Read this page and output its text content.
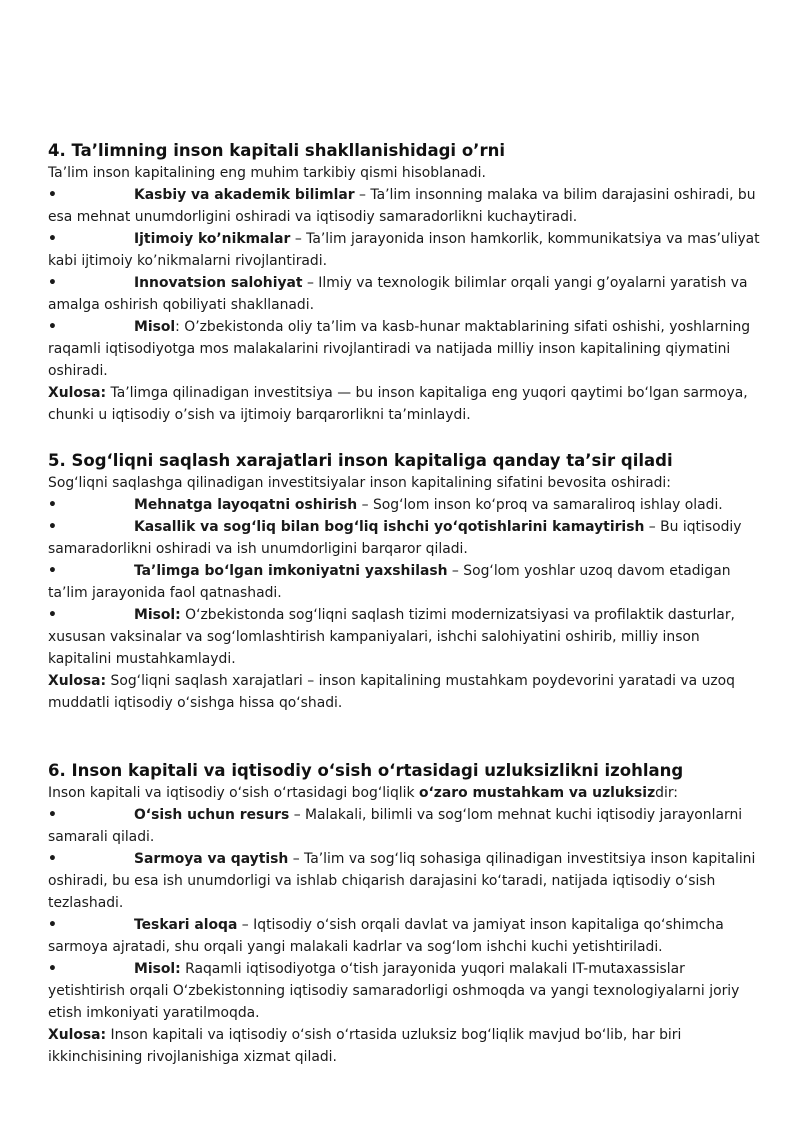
4. Ta’limning inson kapitali shakllanishidagi o’rni

Ta’lim inson kapitalining eng muhim tarkibiy qismi hisoblanadi.

•	Kasbiy va akademik bilimlar – Ta’lim insonning malaka va bilim darajasini oshiradi, bu esa mehnat unumdorligini oshiradi va iqtisodiy samaradorlikni kuchaytiradi.
•	Ijtimoiy ko’nikmalar – Ta’lim jarayonida inson hamkorlik, kommunikatsiya va mas’uliyat kabi ijtimoiy ko’nikmalarni rivojlantiradi.
•	Innovatsion salohiyat – Ilmiy va texnologik bilimlar orqali yangi g’oyalarni yaratish va amalga oshirish qobiliyati shakllanadi.
•	Misol: O’zbekistonda oliy ta’lim va kasb-hunar maktablarining sifati oshishi, yoshlarning raqamli iqtisodiyotga mos malakalarini rivojlantiradi va natijada milliy inson kapitalining qiymatini oshiradi.

Xulosa: Ta’limga qilinadigan investitsiya — bu inson kapitaliga eng yuqori qaytimi bo‘lgan sarmoya, chunki u iqtisodiy o’sish va ijtimoiy barqarorlikni ta’minlaydi.

5. Sog‘liqni saqlash xarajatlari inson kapitaliga qanday ta’sir qiladi

Sog‘liqni saqlashga qilinadigan investitsiyalar inson kapitalining sifatini bevosita oshiradi:

•	Mehnatga layoqatni oshirish – Sog‘lom inson ko‘proq va samaraliroq ishlay oladi.
•	Kasallik va sog‘liq bilan bog‘liq ishchi yo‘qotishlarini kamaytirish – Bu iqtisodiy samaradorlikni oshiradi va ish unumdorligini barqaror qiladi.
•	Ta’limga bo‘lgan imkoniyatni yaxshilash – Sog‘lom yoshlar uzoq davom etadigan ta’lim jarayonida faol qatnashadi.
•	Misol: O‘zbekistonda sog‘liqni saqlash tizimi modernizatsiyasi va profilaktik dasturlar, xususan vaksinalar va sog‘lomlashtirish kampaniyalari, ishchi salohiyatini oshirib, milliy inson kapitalini mustahkamlaydi.

Xulosa: Sog‘liqni saqlash xarajatlari – inson kapitalining mustahkam poydevorini yaratadi va uzoq muddatli iqtisodiy o‘sishga hissa qo‘shadi.

6. Inson kapitali va iqtisodiy o‘sish o‘rtasidagi uzluksizlikni izohlang

Inson kapitali va iqtisodiy o‘sish o‘rtasidagi bog‘liqlik o‘zaro mustahkam va uzluksizdir:

•	O‘sish uchun resurs – Malakali, bilimli va sog‘lom mehnat kuchi iqtisodiy jarayonlarni samarali qiladi.
•	Sarmoya va qaytish – Ta’lim va sog‘liq sohasiga qilinadigan investitsiya inson kapitalini oshiradi, bu esa ish unumdorligi va ishlab chiqarish darajasini ko‘taradi, natijada iqtisodiy o‘sish tezlashadi.
•	Teskari aloqa – Iqtisodiy o‘sish orqali davlat va jamiyat inson kapitaliga qo‘shimcha sarmoya ajratadi, shu orqali yangi malakali kadrlar va sog‘lom ishchi kuchi yetishtiriladi.
•	Misol: Raqamli iqtisodiyotga o‘tish jarayonida yuqori malakali IT-mutaxassislar yetishtirish orqali O‘zbekistonning iqtisodiy samaradorligi oshmoqda va yangi texnologiyalarni joriy etish imkoniyati yaratilmoqda.

Xulosa: Inson kapitali va iqtisodiy o‘sish o‘rtasida uzluksiz bog‘liqlik mavjud bo‘lib, har biri ikkinchisining rivojlanishiga xizmat qiladi.
